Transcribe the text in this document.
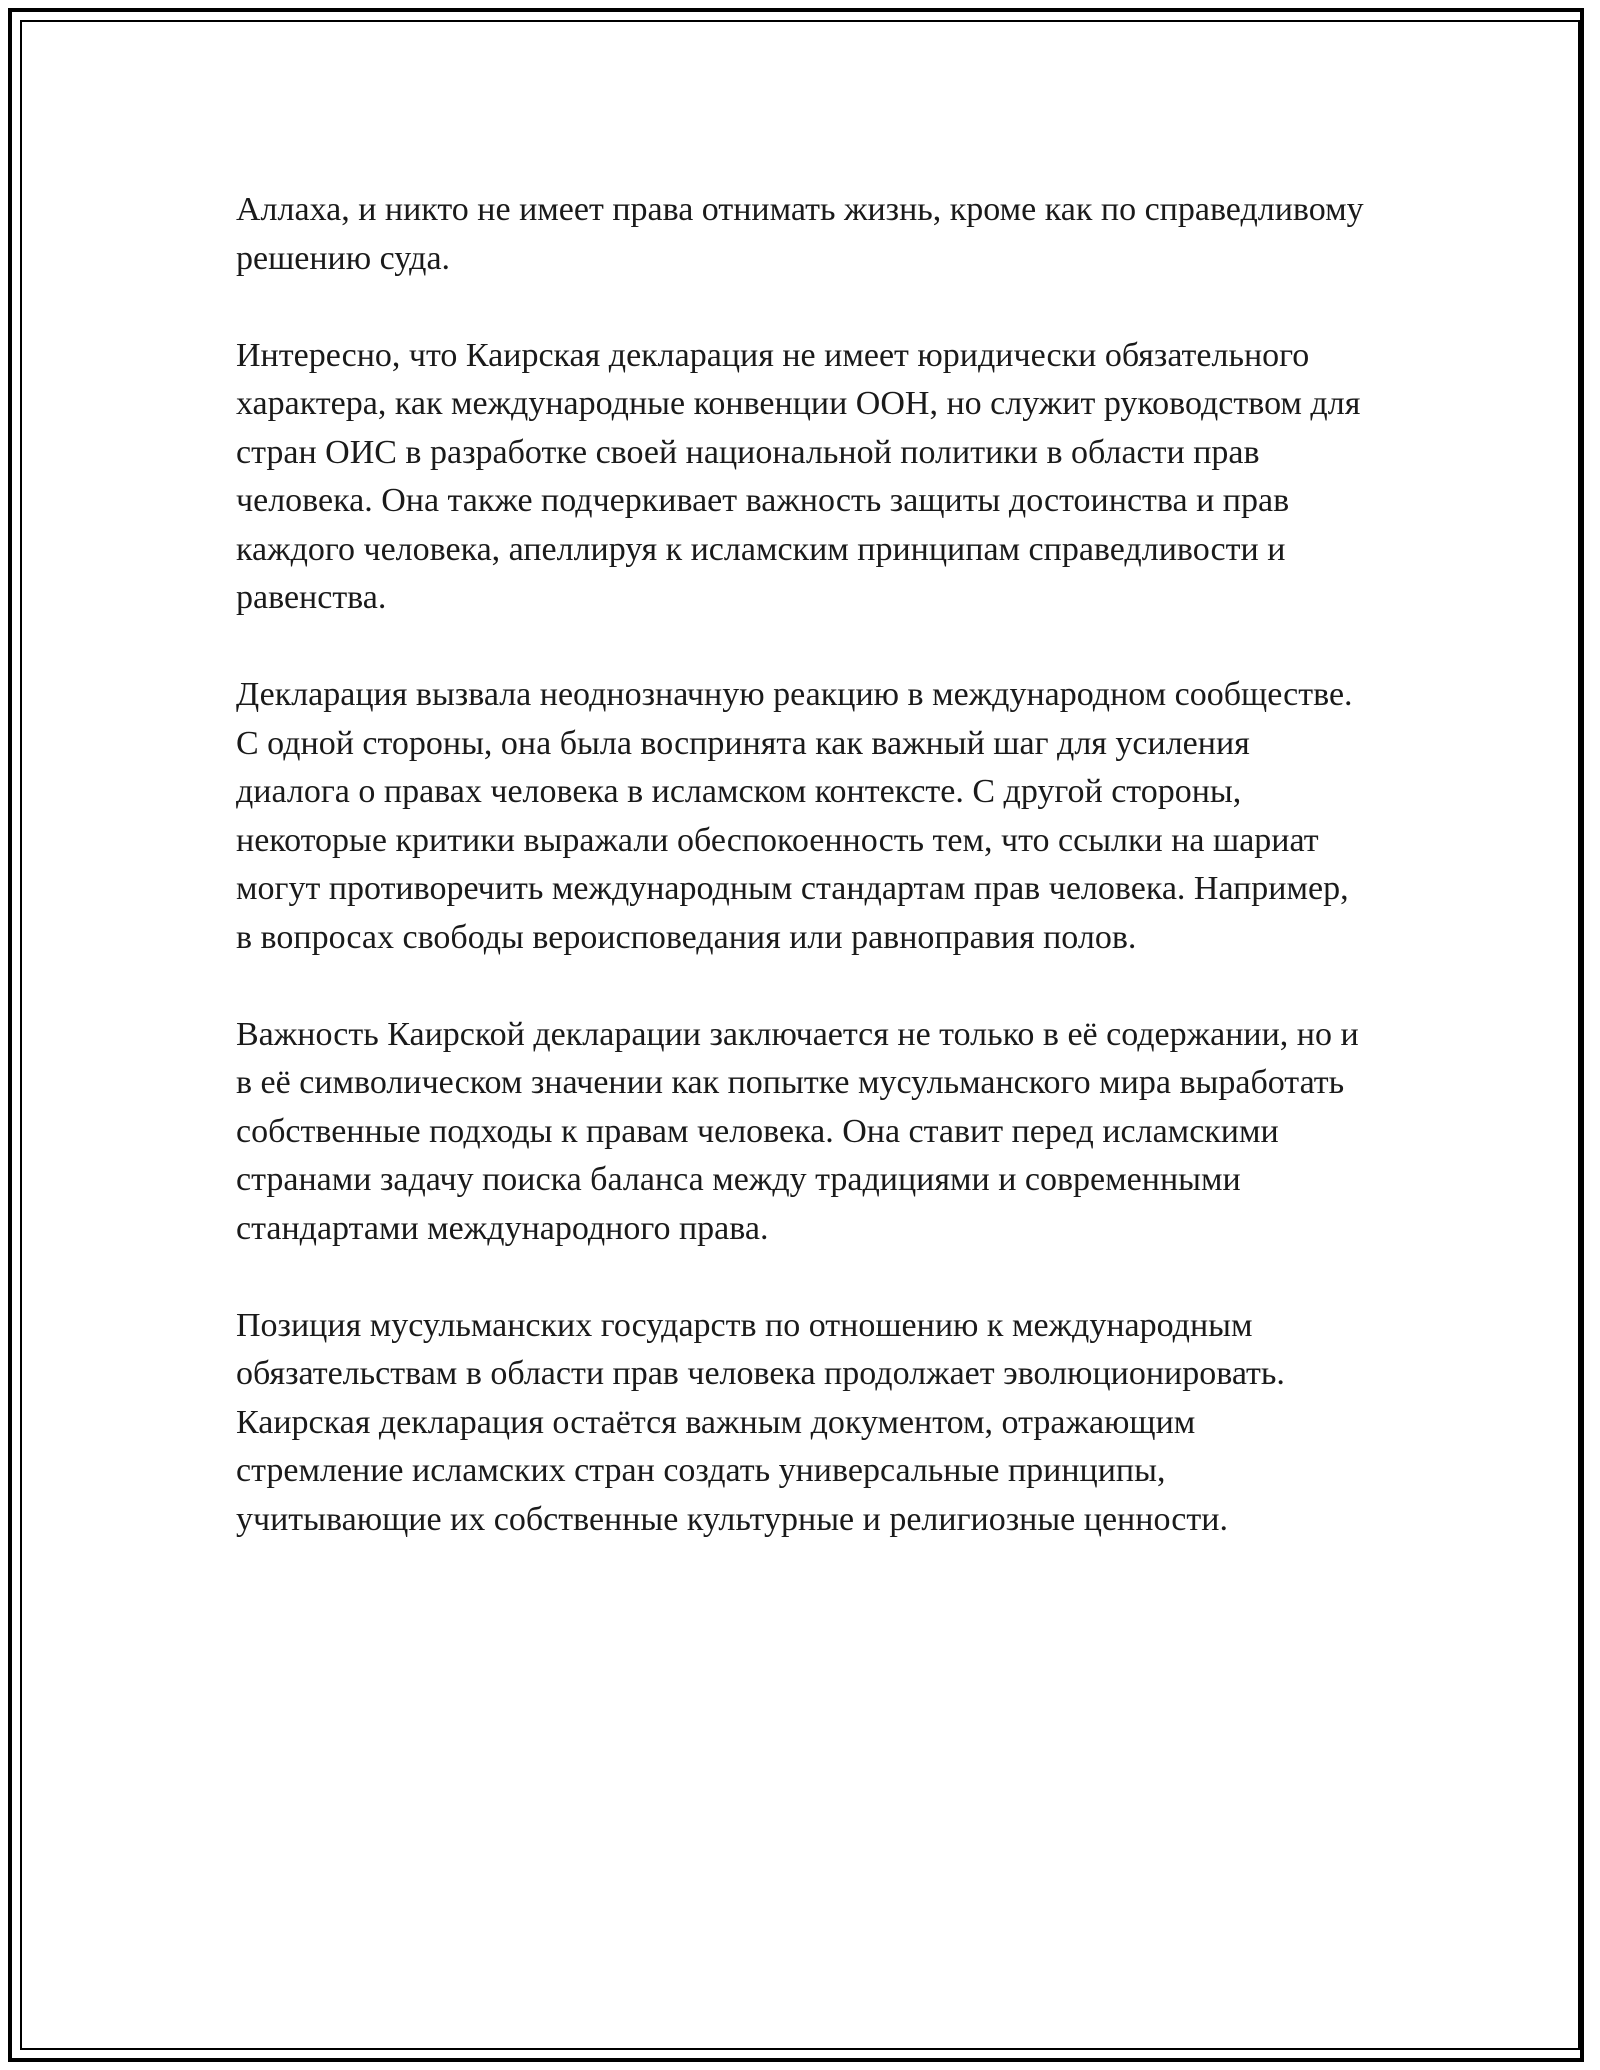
Аллаха, и никто не имеет права отнимать жизнь, кроме как по справедливому решению суда.

Интересно, что Каирская декларация не имеет юридически обязательного характера, как международные конвенции ООН, но служит руководством для стран ОИС в разработке своей национальной политики в области прав человека. Она также подчеркивает важность защиты достоинства и прав каждого человека, апеллируя к исламским принципам справедливости и равенства.

Декларация вызвала неоднозначную реакцию в международном сообществе. С одной стороны, она была воспринята как важный шаг для усиления диалога о правах человека в исламском контексте. С другой стороны, некоторые критики выражали обеспокоенность тем, что ссылки на шариат могут противоречить международным стандартам прав человека. Например, в вопросах свободы вероисповедания или равноправия полов.

Важность Каирской декларации заключается не только в её содержании, но и в её символическом значении как попытке мусульманского мира выработать собственные подходы к правам человека. Она ставит перед исламскими странами задачу поиска баланса между традициями и современными стандартами международного права.

Позиция мусульманских государств по отношению к международным обязательствам в области прав человека продолжает эволюционировать. Каирская декларация остаётся важным документом, отражающим стремление исламских стран создать универсальные принципы, учитывающие их собственные культурные и религиозные ценности.
